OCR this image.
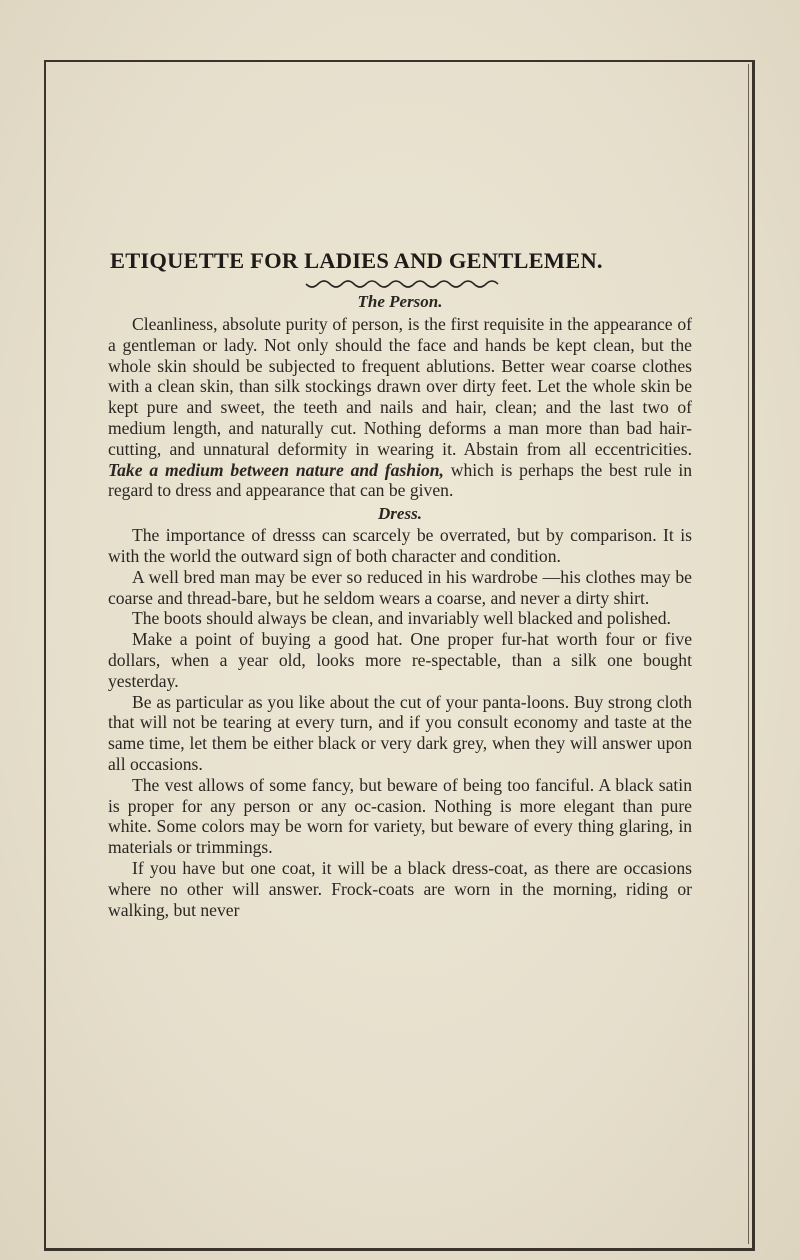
ETIQUETTE FOR LADIES AND GENTLEMEN.
The Person.

Cleanliness, absolute purity of person, is the first requisite in the appearance of a gentleman or lady. Not only should the face and hands be kept clean, but the whole skin should be subjected to frequent ablutions. Better wear coarse clothes with a clean skin, than silk stockings drawn over dirty feet. Let the whole skin be kept pure and sweet, the teeth and nails and hair, clean; and the last two of medium length, and naturally cut. Nothing deforms a man more than bad hair-cutting, and unnatural deformity in wearing it. Abstain from all eccentricities. Take a medium between nature and fashion, which is perhaps the best rule in regard to dress and appearance that can be given.

Dress.

The importance of dresss can scarcely be overrated, but by comparison. It is with the world the outward sign of both character and condition.

A well bred man may be ever so reduced in his wardrobe —his clothes may be coarse and thread-bare, but he seldom wears a coarse, and never a dirty shirt.

The boots should always be clean, and invariably well blacked and polished.

Make a point of buying a good hat. One proper fur-hat worth four or five dollars, when a year old, looks more re-spectable, than a silk one bought yesterday.

Be as particular as you like about the cut of your panta-loons. Buy strong cloth that will not be tearing at every turn, and if you consult economy and taste at the same time, let them be either black or very dark grey, when they will answer upon all occasions.

The vest allows of some fancy, but beware of being too fanciful. A black satin is proper for any person or any oc-casion. Nothing is more elegant than pure white. Some colors may be worn for variety, but beware of every thing glaring, in materials or trimmings.

If you have but one coat, it will be a black dress-coat, as there are occasions where no other will answer. Frock-coats are worn in the morning, riding or walking, but never
